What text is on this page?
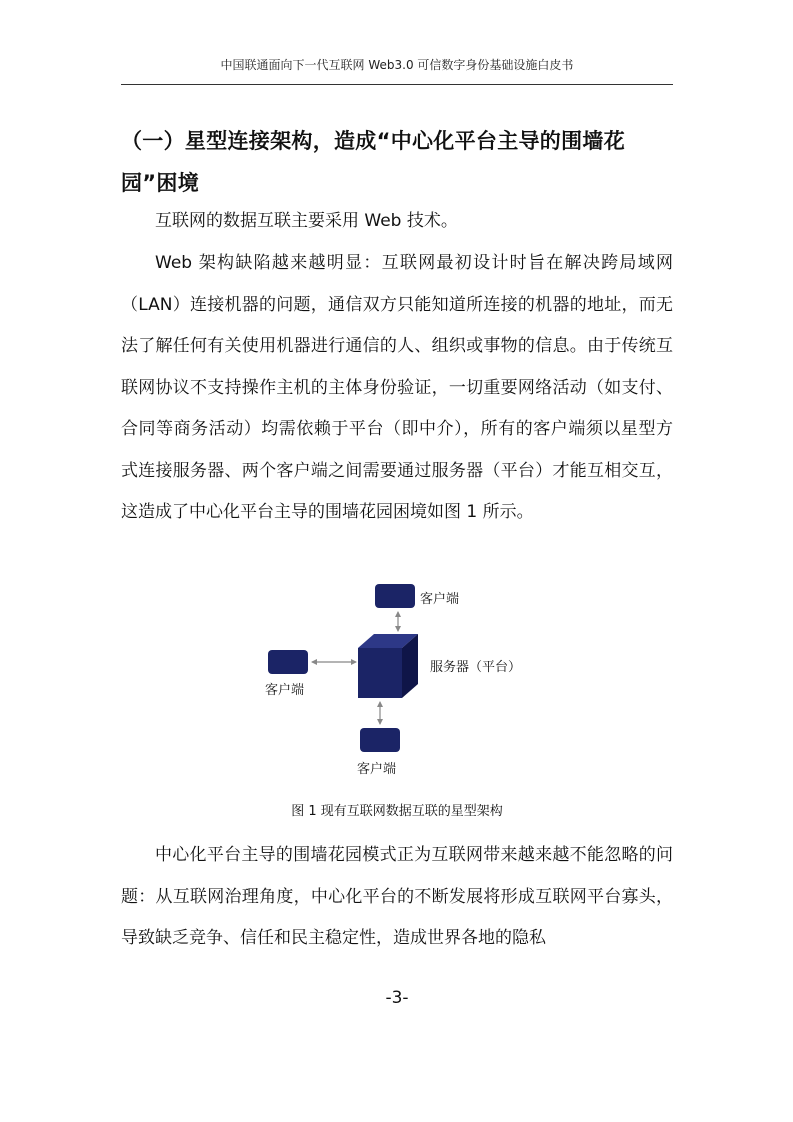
中国联通面向下一代互联网 Web3.0 可信数字身份基础设施白皮书
（一）星型连接架构，造成“中心化平台主导的围墙花园”困境
互联网的数据互联主要采用 Web 技术。
Web 架构缺陷越来越明显：互联网最初设计时旨在解决跨局域网（LAN）连接机器的问题，通信双方只能知道所连接的机器的地址，而无法了解任何有关使用机器进行通信的人、组织或事物的信息。由于传统互联网协议不支持操作主机的主体身份验证，一切重要网络活动（如支付、合同等商务活动）均需依赖于平台（即中介），所有的客户端须以星型方式连接服务器、两个客户端之间需要通过服务器（平台）才能互相交互，这造成了中心化平台主导的围墙花园困境如图 1 所示。
客户端
服务器（平台）
客户端
客户端
图 1 现有互联网数据互联的星型架构
中心化平台主导的围墙花园模式正为互联网带来越来越不能忽略的问题：从互联网治理角度，中心化平台的不断发展将形成互联网平台寡头，导致缺乏竞争、信任和民主稳定性，造成世界各地的隐私
-3-
